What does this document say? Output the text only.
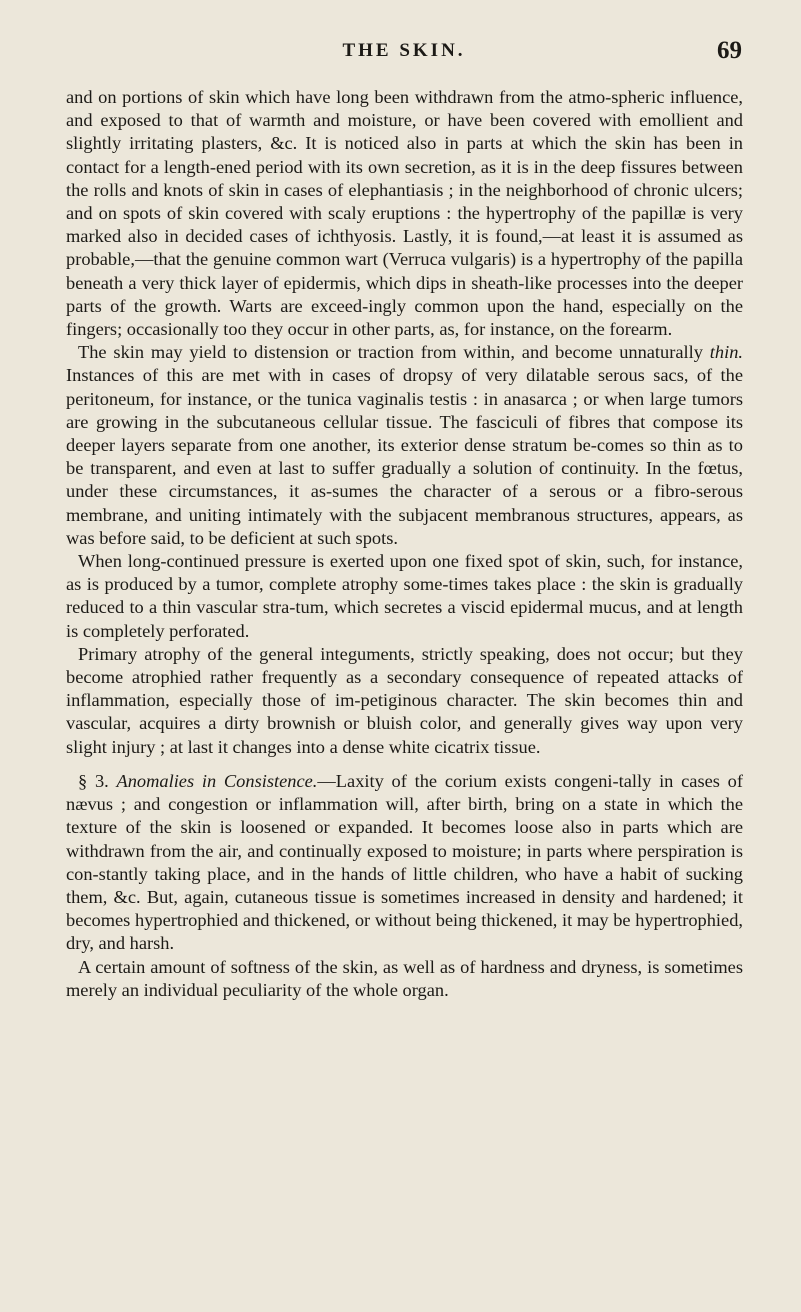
THE SKIN.	69

and on portions of skin which have long been withdrawn from the atmo-spheric influence, and exposed to that of warmth and moisture, or have been covered with emollient and slightly irritating plasters, &c. It is noticed also in parts at which the skin has been in contact for a length-ened period with its own secretion, as it is in the deep fissures between the rolls and knots of skin in cases of elephantiasis ; in the neighborhood of chronic ulcers; and on spots of skin covered with scaly eruptions : the hypertrophy of the papillæ is very marked also in decided cases of ichthyosis. Lastly, it is found,—at least it is assumed as probable,—that the genuine common wart (Verruca vulgaris) is a hypertrophy of the papilla beneath a very thick layer of epidermis, which dips in sheath-like processes into the deeper parts of the growth. Warts are exceed-ingly common upon the hand, especially on the fingers; occasionally too they occur in other parts, as, for instance, on the forearm.

The skin may yield to distension or traction from within, and become unnaturally thin. Instances of this are met with in cases of dropsy of very dilatable serous sacs, of the peritoneum, for instance, or the tunica vaginalis testis : in anasarca ; or when large tumors are growing in the subcutaneous cellular tissue. The fasciculi of fibres that compose its deeper layers separate from one another, its exterior dense stratum be-comes so thin as to be transparent, and even at last to suffer gradually a solution of continuity. In the fœtus, under these circumstances, it as-sumes the character of a serous or a fibro-serous membrane, and uniting intimately with the subjacent membranous structures, appears, as was before said, to be deficient at such spots.

When long-continued pressure is exerted upon one fixed spot of skin, such, for instance, as is produced by a tumor, complete atrophy some-times takes place : the skin is gradually reduced to a thin vascular stra-tum, which secretes a viscid epidermal mucus, and at length is completely perforated.

Primary atrophy of the general integuments, strictly speaking, does not occur; but they become atrophied rather frequently as a secondary consequence of repeated attacks of inflammation, especially those of im-petiginous character. The skin becomes thin and vascular, acquires a dirty brownish or bluish color, and generally gives way upon very slight injury ; at last it changes into a dense white cicatrix tissue.

§ 3. Anomalies in Consistence.—Laxity of the corium exists congeni-tally in cases of nævus ; and congestion or inflammation will, after birth, bring on a state in which the texture of the skin is loosened or expanded. It becomes loose also in parts which are withdrawn from the air, and continually exposed to moisture; in parts where perspiration is con-stantly taking place, and in the hands of little children, who have a habit of sucking them, &c. But, again, cutaneous tissue is sometimes increased in density and hardened; it becomes hypertrophied and thickened, or without being thickened, it may be hypertrophied, dry, and harsh.

A certain amount of softness of the skin, as well as of hardness and dryness, is sometimes merely an individual peculiarity of the whole organ.
